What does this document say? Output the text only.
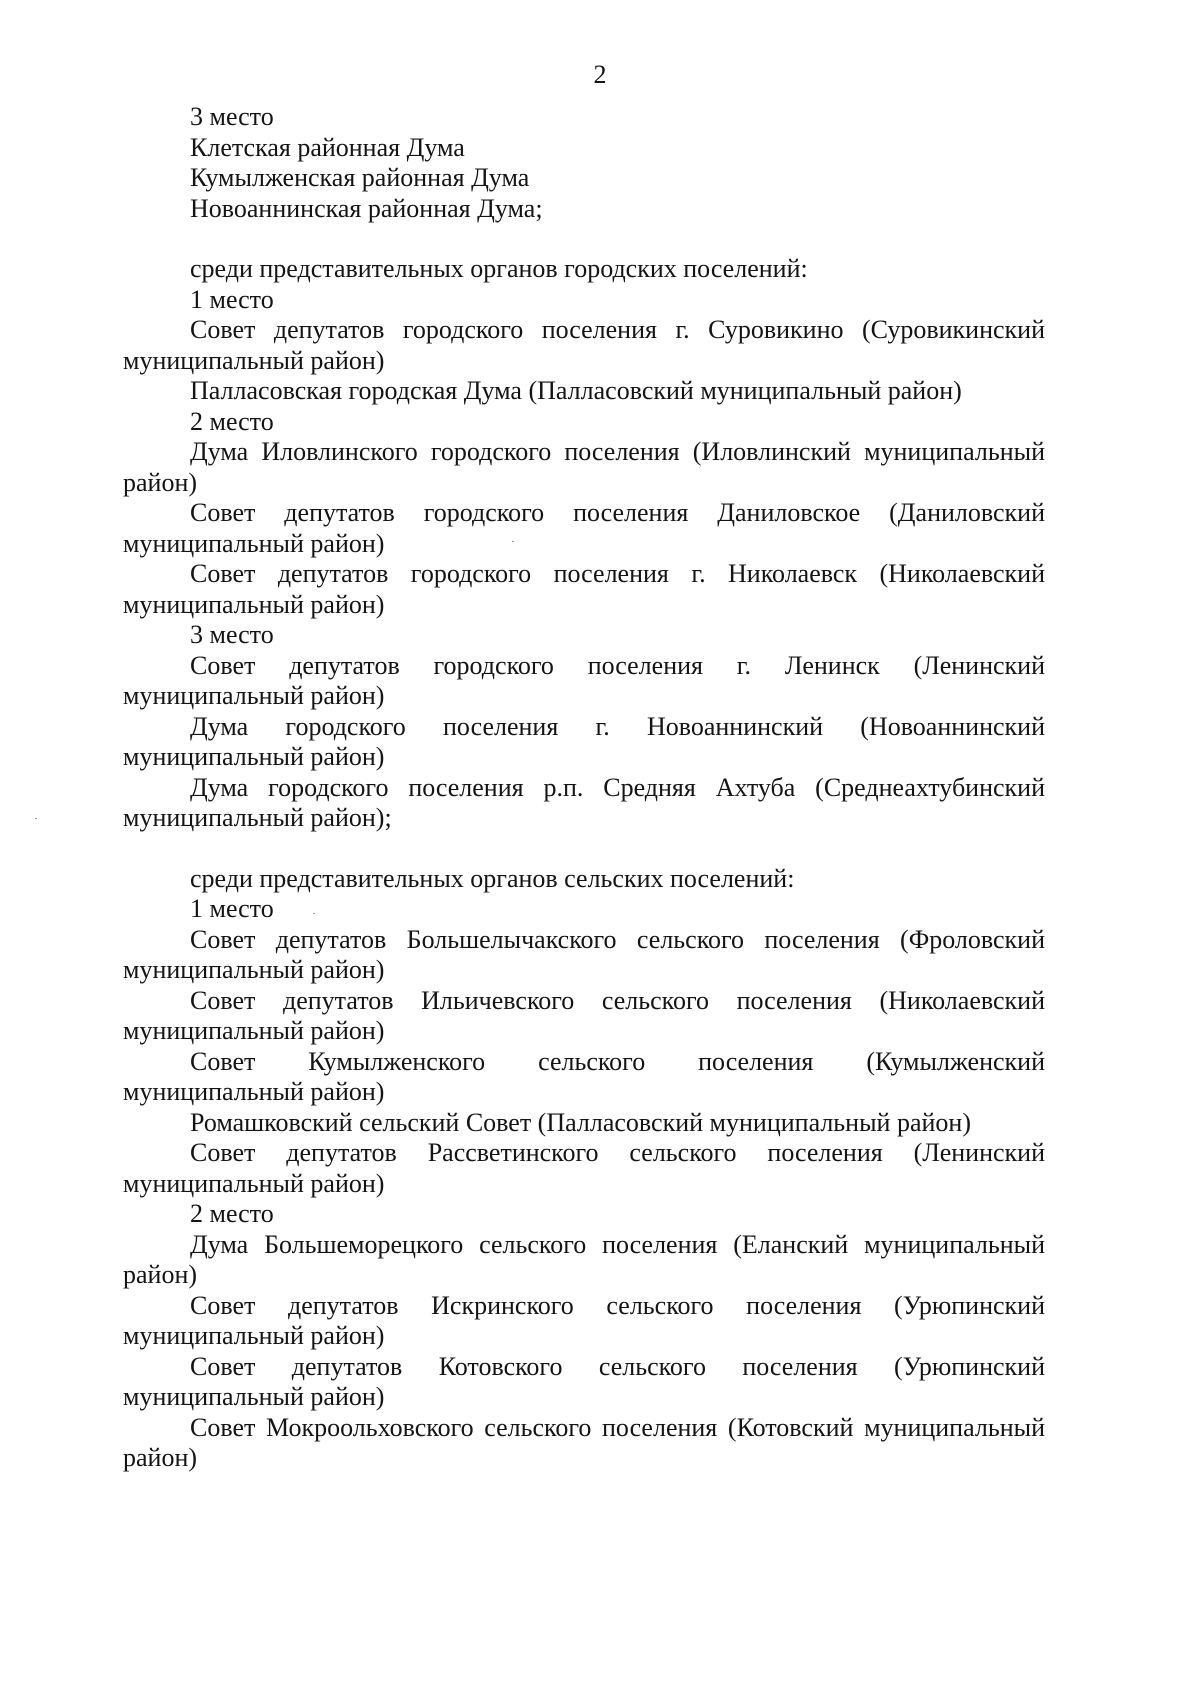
2
3 место
Клетская районная Дума
Кумылженская районная Дума
Новоаннинская районная Дума;
среди представительных органов городских поселений:
1 место

Совет депутатов городского поселения г. Суровикино (Суровикинский муниципальный район)

Палласовская городская Дума (Палласовский муниципальный район)

2 место

Дума Иловлинского городского поселения (Иловлинский муниципальный район)

Совет депутатов городского поселения Даниловское (Даниловский муниципальный район)

Совет депутатов городского поселения г. Николаевск (Николаевский муниципальный район)

3 место

Совет депутатов городского поселения г. Ленинск (Ленинский муниципальный район)

Дума городского поселения г. Новоаннинский (Новоаннинский муниципальный район)

Дума городского поселения р.п. Средняя Ахтуба (Среднеахтубинский муниципальный район);

среди представительных органов сельских поселений:
1 место

Совет депутатов Большелычакского сельского поселения (Фроловский муниципальный район)

Совет депутатов Ильичевского сельского поселения (Николаевский муниципальный район)

Совет Кумылженского сельского поселения (Кумылженский муниципальный район)

Ромашковский сельский Совет (Палласовский муниципальный район)

Совет депутатов Рассветинского сельского поселения (Ленинский муниципальный район)

2 место

Дума Большеморецкого сельского поселения (Еланский муниципальный район)

Совет депутатов Искринского сельского поселения (Урюпинский муниципальный район)

Совет депутатов Котовского сельского поселения (Урюпинский муниципальный район)

Совет Мокроольховского сельского поселения (Котовский муниципальный район)
